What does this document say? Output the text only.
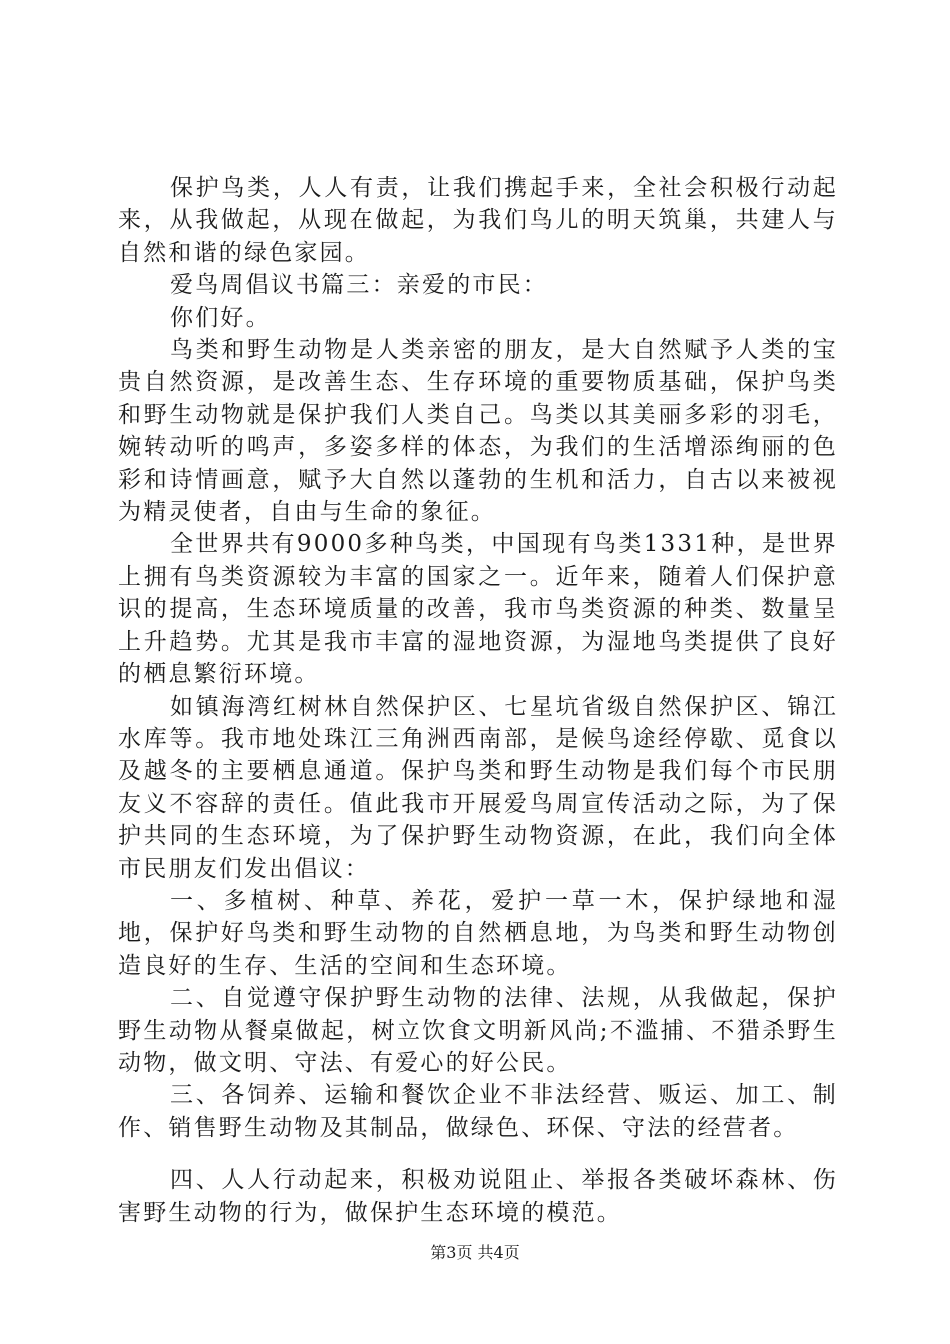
保护鸟类，人人有责，让我们携起手来，全社会积极行动起来，从我做起，从现在做起，为我们鸟儿的明天筑巢，共建人与自然和谐的绿色家园。

爱鸟周倡议书篇三：亲爱的市民：

你们好。

鸟类和野生动物是人类亲密的朋友，是大自然赋予人类的宝贵自然资源，是改善生态、生存环境的重要物质基础，保护鸟类和野生动物就是保护我们人类自己。鸟类以其美丽多彩的羽毛，婉转动听的鸣声，多姿多样的体态，为我们的生活增添绚丽的色彩和诗情画意，赋予大自然以蓬勃的生机和活力，自古以来被视为精灵使者，自由与生命的象征。

全世界共有9000多种鸟类，中国现有鸟类1331种，是世界上拥有鸟类资源较为丰富的国家之一。近年来，随着人们保护意识的提高，生态环境质量的改善，我市鸟类资源的种类、数量呈上升趋势。尤其是我市丰富的湿地资源，为湿地鸟类提供了良好的栖息繁衍环境。

如镇海湾红树林自然保护区、七星坑省级自然保护区、锦江水库等。我市地处珠江三角洲西南部，是候鸟途经停歇、觅食以及越冬的主要栖息通道。保护鸟类和野生动物是我们每个市民朋友义不容辞的责任。值此我市开展爱鸟周宣传活动之际，为了保护共同的生态环境，为了保护野生动物资源，在此，我们向全体市民朋友们发出倡议：

一、多植树、种草、养花，爱护一草一木，保护绿地和湿地，保护好鸟类和野生动物的自然栖息地，为鸟类和野生动物创造良好的生存、生活的空间和生态环境。

二、自觉遵守保护野生动物的法律、法规，从我做起，保护野生动物从餐桌做起，树立饮食文明新风尚;不滥捕、不猎杀野生动物，做文明、守法、有爱心的好公民。

三、各饲养、运输和餐饮企业不非法经营、贩运、加工、制作、销售野生动物及其制品，做绿色、环保、守法的经营者。

四、人人行动起来，积极劝说阻止、举报各类破坏森林、伤害野生动物的行为，做保护生态环境的模范。

第3页 共4页
